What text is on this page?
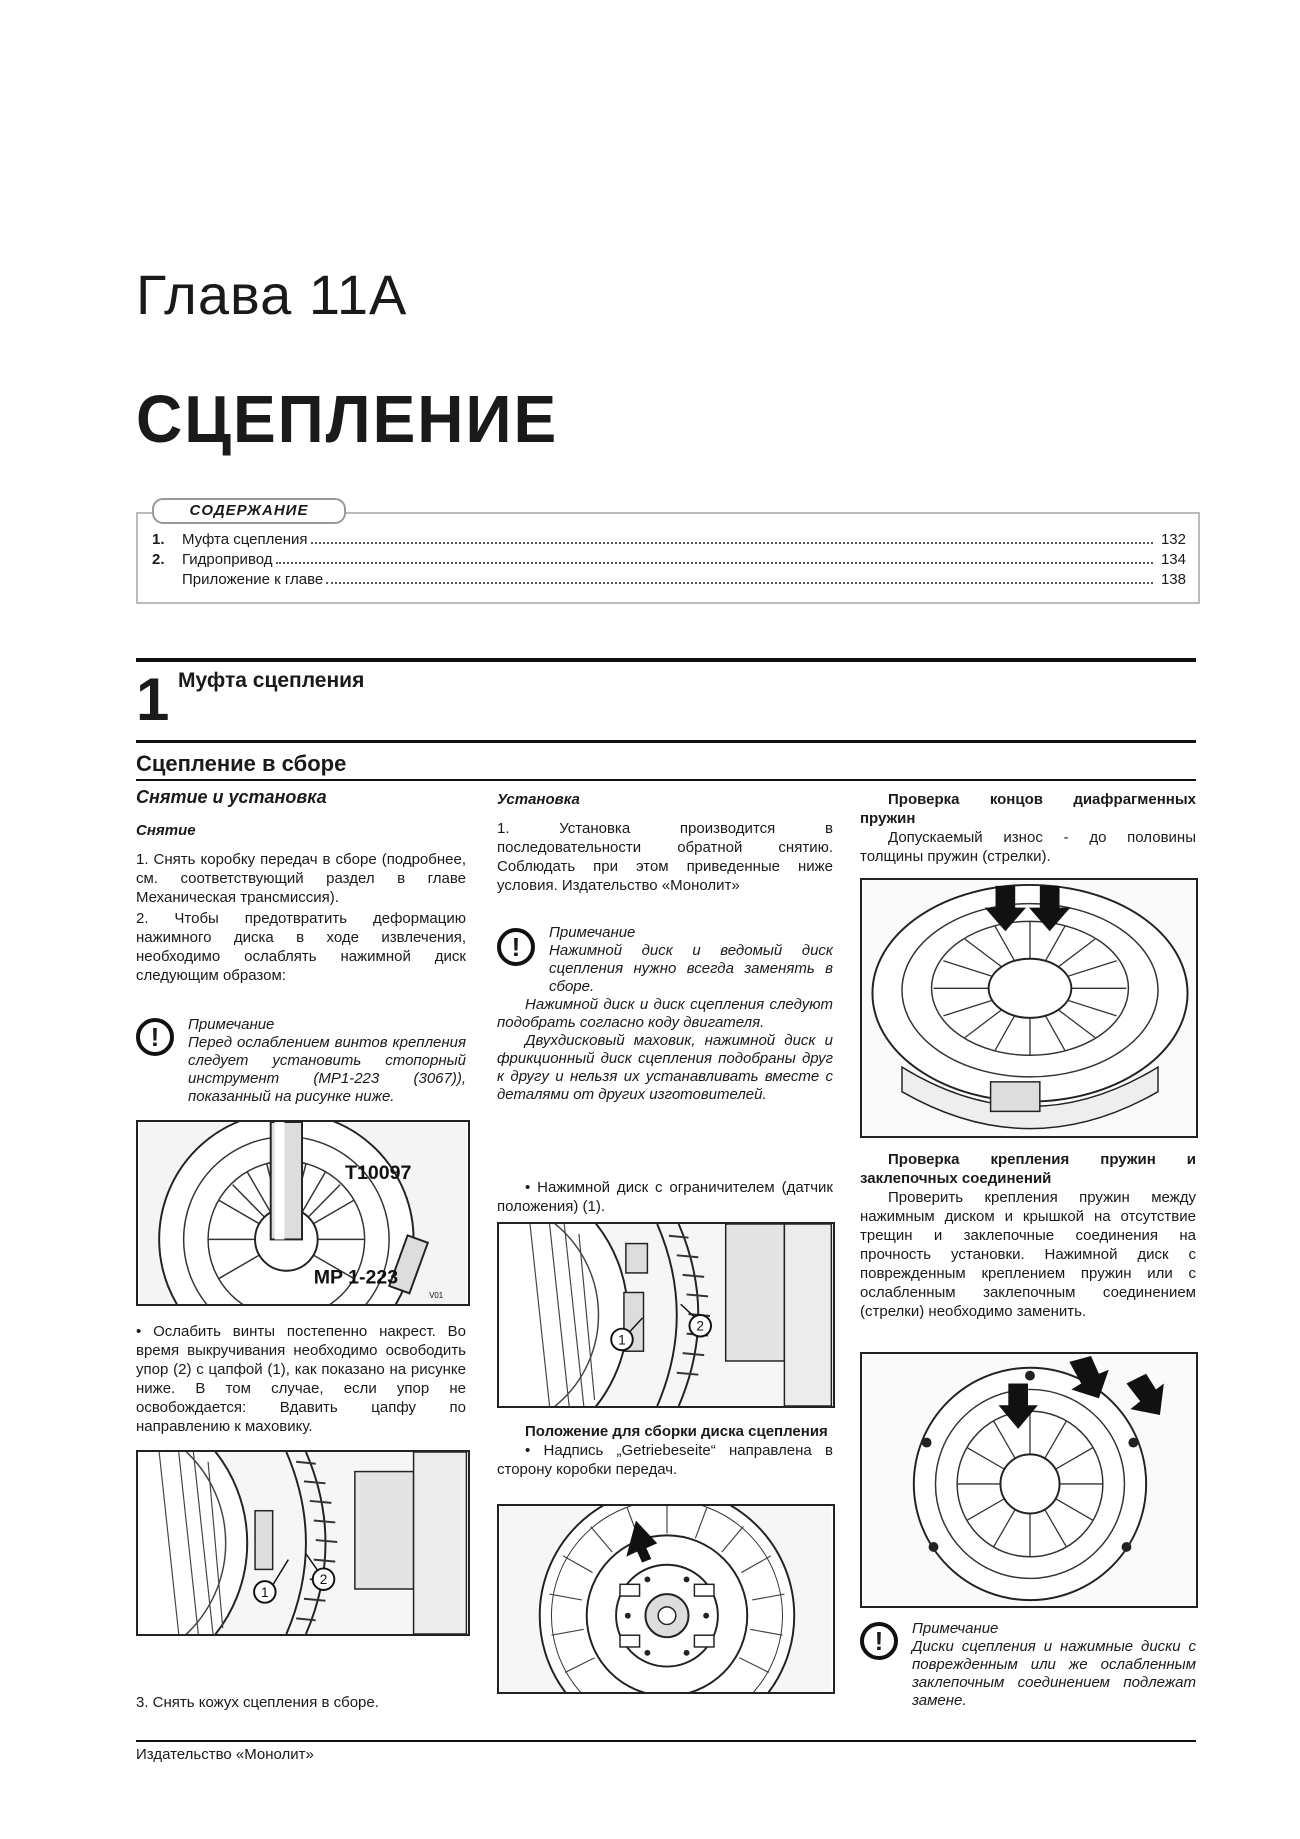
Глава 11А
СЦЕПЛЕНИЕ
СОДЕРЖАНИЕ
1.	Муфта сцепления	132
2.	Гидропривод	134
Приложение к главе	138
1 Муфта сцепления
Сцепление в сборе

Снятие и установка

Снятие

1. Снять коробку передач в сборе (подробнее, см. соответствующий раздел в главе Механическая трансмиссия).

2. Чтобы предотвратить деформацию нажимного диска в ходе извлечения, необходимо ослаблять нажимной диск следующим образом:

!	Примечание
Перед ослаблением винтов крепления следует установить стопорный инструмент (МР1-223 (3067)), показанный на рисунке ниже.
T10097
MP 1-223
V01
• Ослабить винты постепенно накрест. Во время выкручивания необходимо освободить упор (2) с цапфой (1), как показано на рисунке ниже. В том случае, если упор не освобождается: Вдавить цапфу по направлению к маховику.
1
2
3. Снять кожух сцепления в сборе.

Установка

1. Установка производится в последовательности обратной снятию. Соблюдать при этом приведенные ниже условия. Издательство «Монолит»

!	Примечание
Нажимной диск и ведомый диск сцепления нужно всегда заменять в сборе.
Нажимной диск и диск сцепления следуют подобрать согласно коду двигателя.
Двухдисковый маховик, нажимной диск и фрикционный диск сцепления подобраны друг к другу и нельзя их устанавливать вместе с деталями от других изготовителей.
• Нажимной диск с ограничителем (датчик положения) (1).
1
2

Положение для сборки диска сцепления

• Надпись „Getriebeseite“ направлена в сторону коробки передач.

Проверка концов диафрагменных пружин

Допускаемый износ - до половины толщины пружин (стрелки).

Проверка крепления пружин и заклепочных соединений

Проверить крепления пружин между нажимным диском и крышкой на отсутствие трещин и заклепочные соединения на прочность установки. Нажимной диск с поврежденным креплением пружин или с ослабленным заклепочным соединением (стрелки) необходимо заменить.

!	Примечание
Диски сцепления и нажимные диски с поврежденным или же ослабленным заклепочным соединением подлежат замене.
Издательство «Монолит»
